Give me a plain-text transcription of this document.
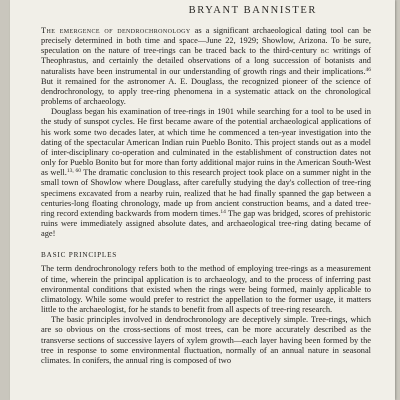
BRYANT BANNISTER

The emergence of dendrochronology as a significant archaeological dating tool can be precisely determined in both time and space—June 22, 1929; Showlow, Arizona. To be sure, speculation on the nature of tree-rings can be traced back to the third-century bc writings of Theophrastus, and certainly the detailed observations of a long succession of botanists and naturalists have been instrumental in our understanding of growth rings and their implications.$^{46}$ But it remained for the astronomer A. E. Douglass, the recognized pioneer of the science of dendrochronology, to apply tree-ring phenomena in a systematic attack on the chronological problems of archaeology.

Douglass began his examination of tree-rings in 1901 while searching for a tool to be used in the study of sunspot cycles. He first became aware of the potential archaeological applications of his work some two decades later, at which time he commenced a ten-year investigation into the dating of the spectacular American Indian ruin Pueblo Bonito. This project stands out as a model of inter-disciplinary co-operation and culminated in the establishment of construction dates not only for Pueblo Bonito but for more than forty additional major ruins in the American South-West as well.$^{13, 60}$ The dramatic conclusion to this research project took place on a summer night in the small town of Showlow where Douglass, after carefully studying the day's collection of tree-ring specimens excavated from a nearby ruin, realized that he had finally spanned the gap between a centuries-long floating chronology, made up from ancient construction beams, and a dated tree-ring record extending backwards from modern times.$^{14}$ The gap was bridged, scores of prehistoric ruins were immediately assigned absolute dates, and archaeological tree-ring dating became of age!

BASIC PRINCIPLES

The term dendrochronology refers both to the method of employing tree-rings as a measurement of time, wherein the principal application is to archaeology, and to the process of inferring past environmental conditions that existed when the rings were being formed, mainly applicable to climatology. While some would prefer to restrict the appellation to the former usage, it matters little to the archaeologist, for he stands to benefit from all aspects of tree-ring research.

The basic principles involved in dendrochronology are deceptively simple. Tree-rings, which are so obvious on the cross-sections of most trees, can be more accurately described as the transverse sections of successive layers of xylem growth—each layer having been formed by the tree in response to some environmental fluctuation, normally of an annual nature in seasonal climates. In conifers, the annual ring is composed of two
